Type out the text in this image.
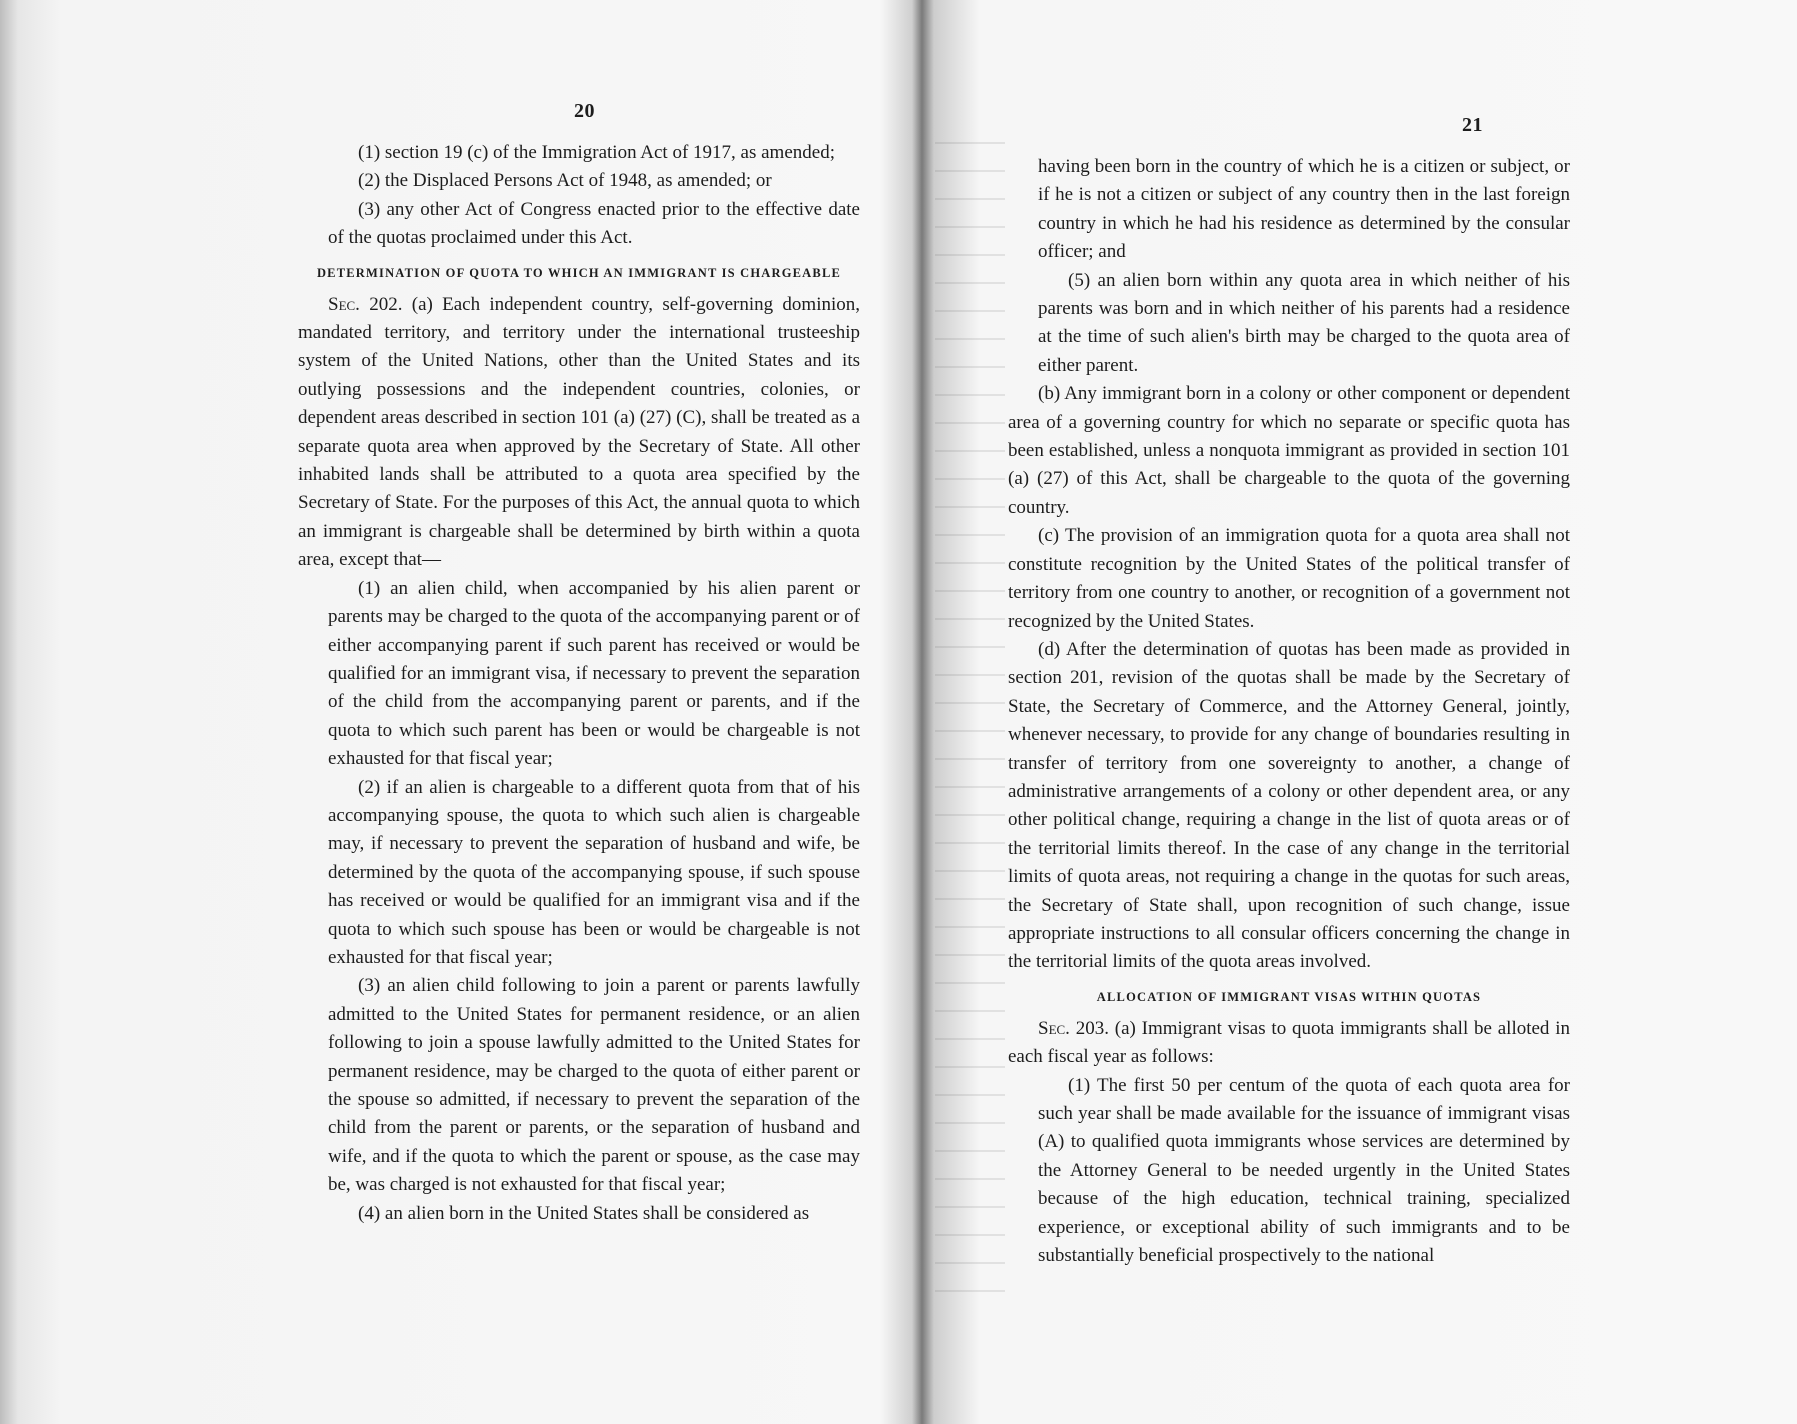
20

(1) section 19 (c) of the Immigration Act of 1917, as amended;

(2) the Displaced Persons Act of 1948, as amended; or

(3) any other Act of Congress enacted prior to the effective date of the quotas proclaimed under this Act.

DETERMINATION OF QUOTA TO WHICH AN IMMIGRANT IS CHARGEABLE

Sec. 202. (a) Each independent country, self-governing dominion, mandated territory, and territory under the international trusteeship system of the United Nations, other than the United States and its outlying possessions and the independent countries, colonies, or dependent areas described in section 101 (a) (27) (C), shall be treated as a separate quota area when approved by the Secretary of State. All other inhabited lands shall be attributed to a quota area specified by the Secretary of State. For the purposes of this Act, the annual quota to which an immigrant is chargeable shall be determined by birth within a quota area, except that—

(1) an alien child, when accompanied by his alien parent or parents may be charged to the quota of the accompanying parent or of either accompanying parent if such parent has received or would be qualified for an immigrant visa, if necessary to prevent the separation of the child from the accompanying parent or parents, and if the quota to which such parent has been or would be chargeable is not exhausted for that fiscal year;

(2) if an alien is chargeable to a different quota from that of his accompanying spouse, the quota to which such alien is chargeable may, if necessary to prevent the separation of husband and wife, be determined by the quota of the accompanying spouse, if such spouse has received or would be qualified for an immigrant visa and if the quota to which such spouse has been or would be chargeable is not exhausted for that fiscal year;

(3) an alien child following to join a parent or parents lawfully admitted to the United States for permanent residence, or an alien following to join a spouse lawfully admitted to the United States for permanent residence, may be charged to the quota of either parent or the spouse so admitted, if necessary to prevent the separation of the child from the parent or parents, or the separation of husband and wife, and if the quota to which the parent or spouse, as the case may be, was charged is not exhausted for that fiscal year;

(4) an alien born in the United States shall be considered as

21

having been born in the country of which he is a citizen or subject, or if he is not a citizen or subject of any country then in the last foreign country in which he had his residence as determined by the consular officer; and

(5) an alien born within any quota area in which neither of his parents was born and in which neither of his parents had a residence at the time of such alien's birth may be charged to the quota area of either parent.

(b) Any immigrant born in a colony or other component or dependent area of a governing country for which no separate or specific quota has been established, unless a nonquota immigrant as provided in section 101 (a) (27) of this Act, shall be chargeable to the quota of the governing country.

(c) The provision of an immigration quota for a quota area shall not constitute recognition by the United States of the political transfer of territory from one country to another, or recognition of a government not recognized by the United States.

(d) After the determination of quotas has been made as provided in section 201, revision of the quotas shall be made by the Secretary of State, the Secretary of Commerce, and the Attorney General, jointly, whenever necessary, to provide for any change of boundaries resulting in transfer of territory from one sovereignty to another, a change of administrative arrangements of a colony or other dependent area, or any other political change, requiring a change in the list of quota areas or of the territorial limits thereof. In the case of any change in the territorial limits of quota areas, not requiring a change in the quotas for such areas, the Secretary of State shall, upon recognition of such change, issue appropriate instructions to all consular officers concerning the change in the territorial limits of the quota areas involved.

ALLOCATION OF IMMIGRANT VISAS WITHIN QUOTAS

Sec. 203. (a) Immigrant visas to quota immigrants shall be alloted in each fiscal year as follows:

(1) The first 50 per centum of the quota of each quota area for such year shall be made available for the issuance of immigrant visas (A) to qualified quota immigrants whose services are determined by the Attorney General to be needed urgently in the United States because of the high education, technical training, specialized experience, or exceptional ability of such immigrants and to be substantially beneficial prospectively to the national
